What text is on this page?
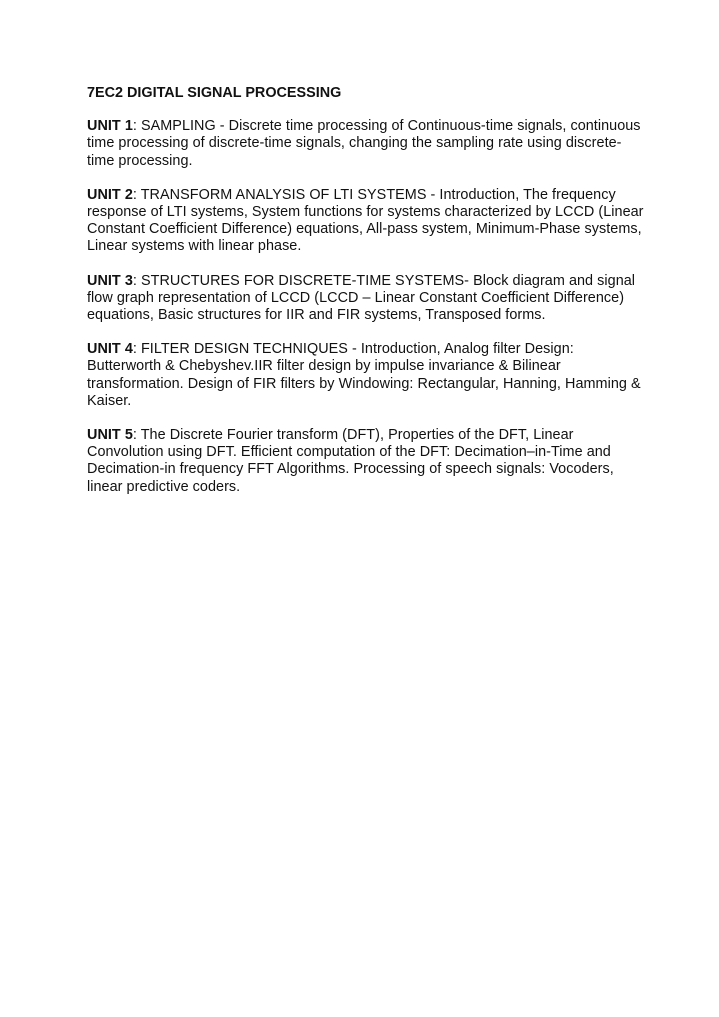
7EC2 DIGITAL SIGNAL PROCESSING

UNIT 1: SAMPLING - Discrete time processing of Continuous-time signals, continuous time processing of discrete-time signals, changing the sampling rate using discrete-time processing.

UNIT 2: TRANSFORM ANALYSIS OF LTI SYSTEMS - Introduction, The frequency response of LTI systems, System functions for systems characterized by LCCD (Linear Constant Coefficient Difference) equations, All-pass system, Minimum-Phase systems, Linear systems with linear phase.

UNIT 3: STRUCTURES FOR DISCRETE-TIME SYSTEMS- Block diagram and signal flow graph representation of LCCD (LCCD – Linear Constant Coefficient Difference) equations, Basic structures for IIR and FIR systems, Transposed forms.

UNIT 4: FILTER DESIGN TECHNIQUES - Introduction, Analog filter Design: Butterworth & Chebyshev.IIR filter design by impulse invariance & Bilinear transformation. Design of FIR filters by Windowing: Rectangular, Hanning, Hamming & Kaiser.

UNIT 5: The Discrete Fourier transform (DFT), Properties of the DFT, Linear Convolution using DFT. Efficient computation of the DFT: Decimation–in-Time and Decimation-in frequency FFT Algorithms. Processing of speech signals: Vocoders, linear predictive coders.
